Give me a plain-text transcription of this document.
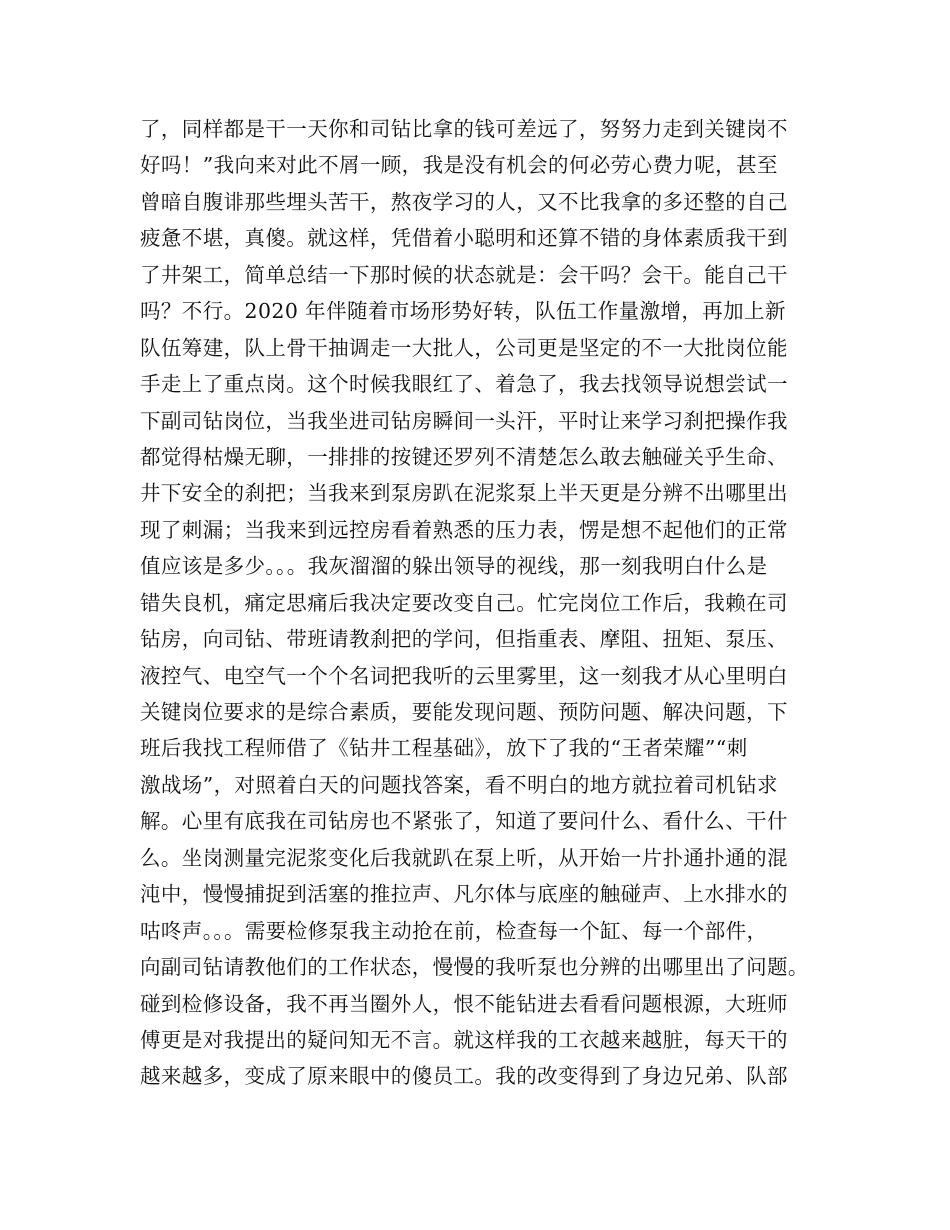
了，同样都是干一天你和司钻比拿的钱可差远了，努努力走到关键岗不
好吗！”我向来对此不屑一顾，我是没有机会的何必劳心费力呢，甚至
曾暗自腹诽那些埋头苦干，熬夜学习的人，又不比我拿的多还整的自己
疲惫不堪，真傻。就这样，凭借着小聪明和还算不错的身体素质我干到
了井架工，简单总结一下那时候的状态就是：会干吗？会干。能自己干
吗？不行。2020 年伴随着市场形势好转，队伍工作量激增，再加上新
队伍筹建，队上骨干抽调走一大批人，公司更是坚定的不一大批岗位能
手走上了重点岗。这个时候我眼红了、着急了，我去找领导说想尝试一
下副司钻岗位，当我坐进司钻房瞬间一头汗，平时让来学习刹把操作我
都觉得枯燥无聊，一排排的按键还罗列不清楚怎么敢去触碰关乎生命、
井下安全的刹把；当我来到泵房趴在泥浆泵上半天更是分辨不出哪里出
现了刺漏；当我来到远控房看着熟悉的压力表，愣是想不起他们的正常
值应该是多少。。。我灰溜溜的躲出领导的视线，那一刻我明白什么是
错失良机，痛定思痛后我决定要改变自己。忙完岗位工作后，我赖在司
钻房，向司钻、带班请教刹把的学问，但指重表、摩阻、扭矩、泵压、
液控气、电空气一个个名词把我听的云里雾里，这一刻我才从心里明白
关键岗位要求的是综合素质，要能发现问题、预防问题、解决问题，下
班后我找工程师借了《钻井工程基础》，放下了我的“王者荣耀”“刺
激战场”，对照着白天的问题找答案，看不明白的地方就拉着司机钻求
解。心里有底我在司钻房也不紧张了，知道了要问什么、看什么、干什
么。坐岗测量完泥浆变化后我就趴在泵上听，从开始一片扑通扑通的混
沌中，慢慢捕捉到活塞的推拉声、凡尔体与底座的触碰声、上水排水的
咕咚声。。。需要检修泵我主动抢在前，检查每一个缸、每一个部件，
向副司钻请教他们的工作状态，慢慢的我听泵也分辨的出哪里出了问题。
碰到检修设备，我不再当圈外人，恨不能钻进去看看问题根源，大班师
傅更是对我提出的疑问知无不言。就这样我的工衣越来越脏，每天干的
越来越多，变成了原来眼中的傻员工。我的改变得到了身边兄弟、队部
